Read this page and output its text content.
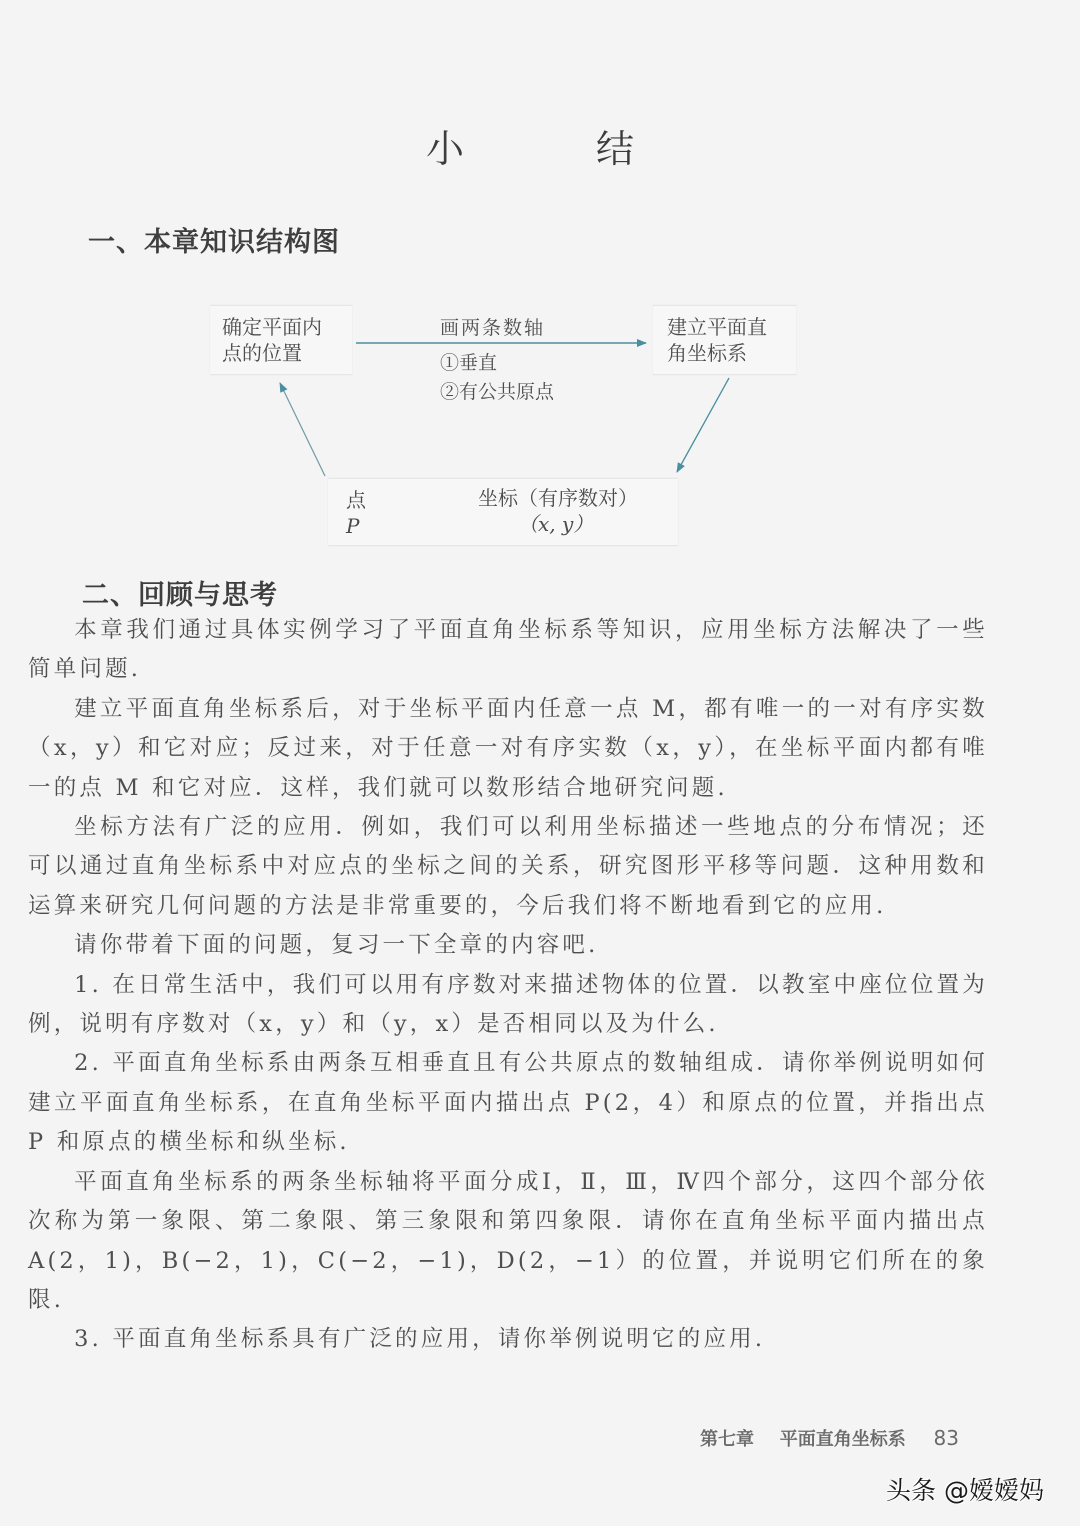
小 结
一、本章知识结构图
确定平面内
点的位置
画两条数轴
①垂直
②有公共原点
建立平面直
角坐标系
点
P
坐标（有序数对）
（x, y）
二、回顾与思考

本章我们通过具体实例学习了平面直角坐标系等知识，应用坐标方法解决了一些简单问题.

建立平面直角坐标系后，对于坐标平面内任意一点 M，都有唯一的一对有序实数（x，y）和它对应；反过来，对于任意一对有序实数（x，y），在坐标平面内都有唯一的点 M 和它对应．这样，我们就可以数形结合地研究问题.

坐标方法有广泛的应用．例如，我们可以利用坐标描述一些地点的分布情况；还可以通过直角坐标系中对应点的坐标之间的关系，研究图形平移等问题．这种用数和运算来研究几何问题的方法是非常重要的，今后我们将不断地看到它的应用.

请你带着下面的问题，复习一下全章的内容吧.

1. 在日常生活中，我们可以用有序数对来描述物体的位置．以教室中座位位置为例，说明有序数对（x，y）和（y，x）是否相同以及为什么.

2. 平面直角坐标系由两条互相垂直且有公共原点的数轴组成．请你举例说明如何建立平面直角坐标系，在直角坐标平面内描出点 P(2，4）和原点的位置，并指出点 P 和原点的横坐标和纵坐标.

平面直角坐标系的两条坐标轴将平面分成Ⅰ，Ⅱ，Ⅲ，Ⅳ四个部分，这四个部分依次称为第一象限、第二象限、第三象限和第四象限．请你在直角坐标平面内描出点 A(2，1)，B(−2，1)，C(−2，−1)，D(2，−1）的位置，并说明它们所在的象限.

3. 平面直角坐标系具有广泛的应用，请你举例说明它的应用.

第七章 平面直角坐标系 83
头条 @嫒嫒妈
